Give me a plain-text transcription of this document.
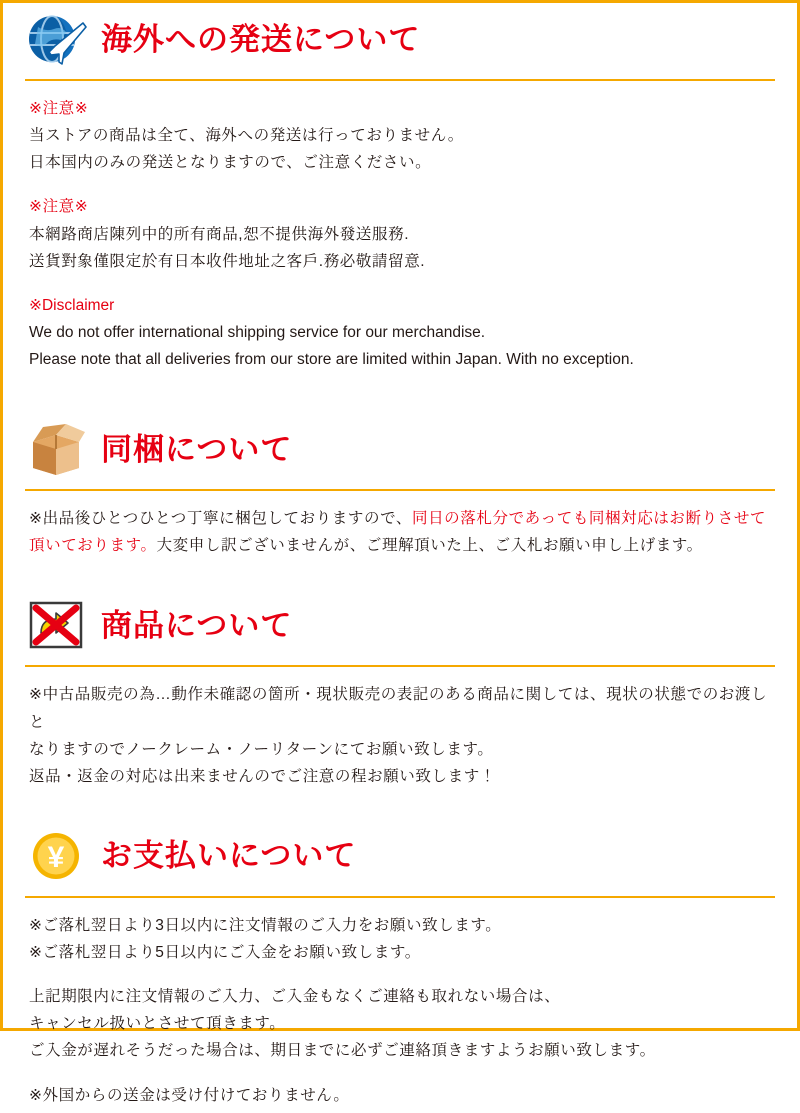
海外への発送について

※注意※

当ストアの商品は全て、海外への発送は行っておりません。

日本国内のみの発送となりますので、ご注意ください。

※注意※

本網路商店陳列中的所有商品,恕不提供海外發送服務.

送貨對象僅限定於有日本收件地址之客戶.務必敬請留意.

※Disclaimer

We do not offer international shipping service for our merchandise.

Please note that all deliveries from our store are limited within Japan. With no exception.

同梱について

※出品後ひとつひとつ丁寧に梱包しておりますので、同日の落札分であっても同梱対応はお断りさせて

頂いております。大変申し訳ございませんが、ご理解頂いた上、ご入札お願い申し上げます。

商品について

※中古品販売の為…動作未確認の箇所・現状販売の表記のある商品に関しては、現状の状態でのお渡しと

なりますのでノークレーム・ノーリターンにてお願い致します。

返品・返金の対応は出来ませんのでご注意の程お願い致します！

¥ お支払いについて

※ご落札翌日より3日以内に注文情報のご入力をお願い致します。

※ご落札翌日より5日以内にご入金をお願い致します。

上記期限内に注文情報のご入力、ご入金もなくご連絡も取れない場合は、

キャンセル扱いとさせて頂きます。

ご入金が遅れそうだった場合は、期日までに必ずご連絡頂きますようお願い致します。

※外国からの送金は受け付けておりません。
